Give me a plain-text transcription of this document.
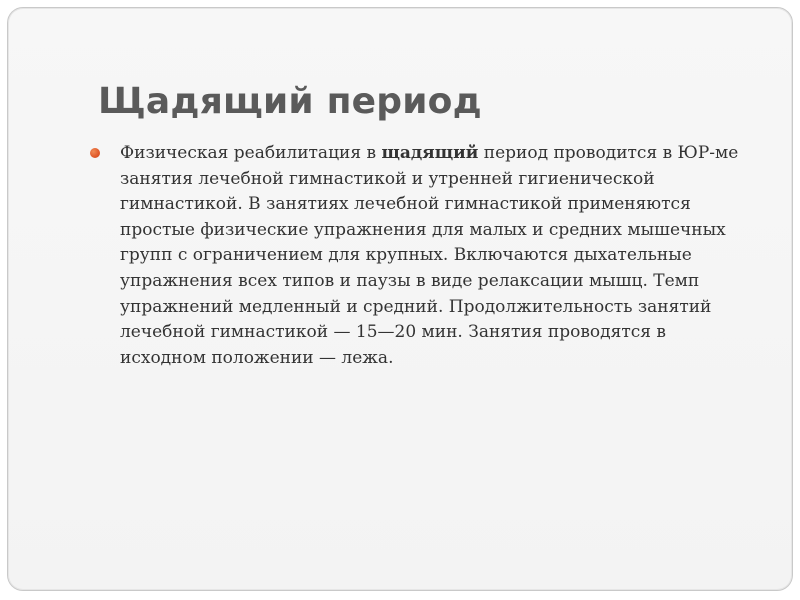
Щадящий период

Физическая реабилитация в щадящий период проводится в ЮР-ме занятия лечебной гимнастикой и утренней гигиенической гимнастикой. В занятиях лечебной гимнастикой применяются простые физические упражнения для малых и средних мышечных групп с ограничением для крупных. Включаются дыхательные упражнения всех типов и паузы в виде релаксации мышц. Темп упражнений медленный и средний. Продолжительность занятий лечебной гимнастикой — 15—20 мин. Занятия проводятся в исходном положении — лежа.
